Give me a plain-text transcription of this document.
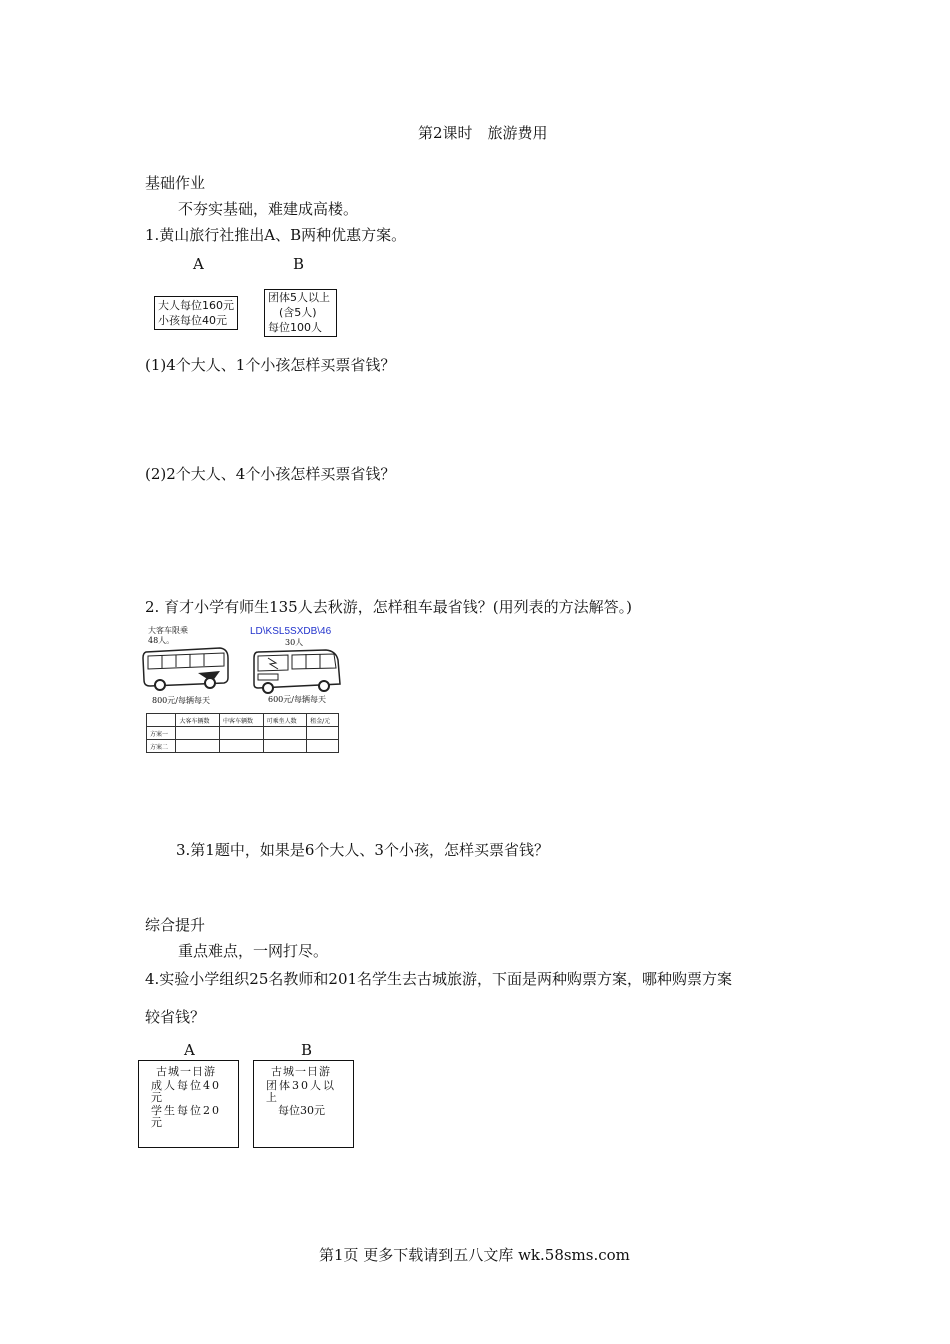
第2课时　旅游费用
基础作业
不夯实基础，难建成高楼。
1.黄山旅行社推出A、B两种优惠方案。
A	B
大人每位160元
小孩每位40元
团体5人以上
(含5人)
每位100人
(1)4个大人、1个小孩怎样买票省钱？
(2)2个大人、4个小孩怎样买票省钱？
2. 育才小学有师生135人去秋游，怎样租车最省钱？(用列表的方法解答。)
大客车限乘
48人。
800元/每辆每天
LD\KSL5SXDB\46
30人
600元/每辆每天
	大客车辆数	中客车辆数	可乘坐人数	租金/元
方案一				
方案二				
3.第1题中，如果是6个大人、3个小孩，怎样买票省钱？
综合提升
重点难点，一网打尽。
4.实验小学组织25名教师和201名学生去古城旅游，下面是两种购票方案，哪种购票方案
较省钱？
A	B
古城一日游
成人每位40元
学生每位20元
古城一日游
团体30人以上
每位30元
第1页 更多下载请到五八文库 wk.58sms.com
